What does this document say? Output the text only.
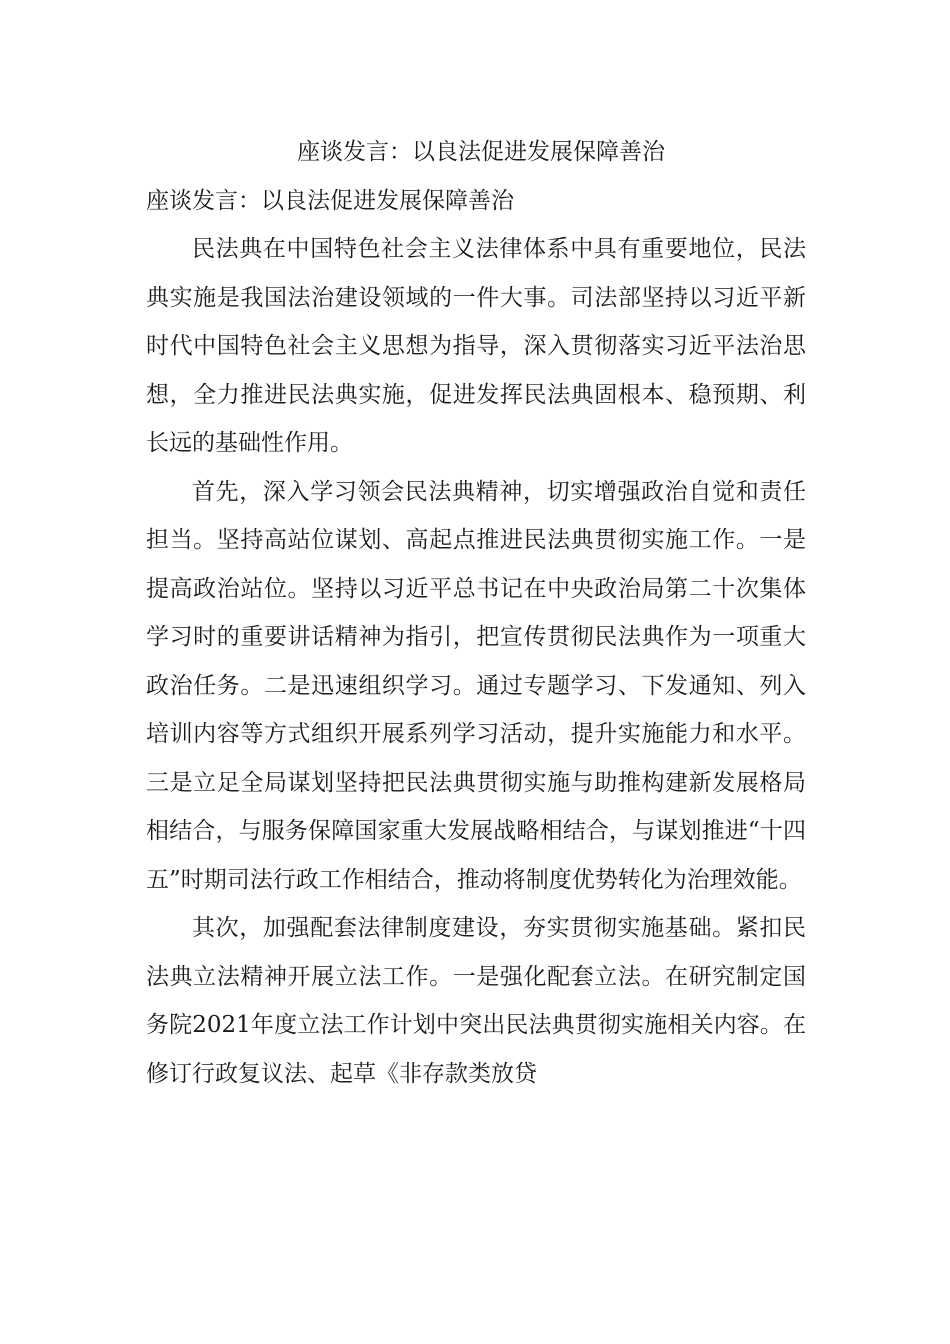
座谈发言：以良法促进发展保障善治

座谈发言：以良法促进发展保障善治

民法典在中国特色社会主义法律体系中具有重要地位，民法典实施是我国法治建设领域的一件大事。司法部坚持以习近平新时代中国特色社会主义思想为指导，深入贯彻落实习近平法治思想，全力推进民法典实施，促进发挥民法典固根本、稳预期、利长远的基础性作用。

首先，深入学习领会民法典精神，切实增强政治自觉和责任担当。坚持高站位谋划、高起点推进民法典贯彻实施工作。一是提高政治站位。坚持以习近平总书记在中央政治局第二十次集体学习时的重要讲话精神为指引，把宣传贯彻民法典作为一项重大政治任务。二是迅速组织学习。通过专题学习、下发通知、列入培训内容等方式组织开展系列学习活动，提升实施能力和水平。三是立足全局谋划坚持把民法典贯彻实施与助推构建新发展格局相结合，与服务保障国家重大发展战略相结合，与谋划推进“十四五”时期司法行政工作相结合，推动将制度优势转化为治理效能。

其次，加强配套法律制度建设，夯实贯彻实施基础。紧扣民法典立法精神开展立法工作。一是强化配套立法。在研究制定国务院2021年度立法工作计划中突出民法典贯彻实施相关内容。在修订行政复议法、起草《非存款类放贷
